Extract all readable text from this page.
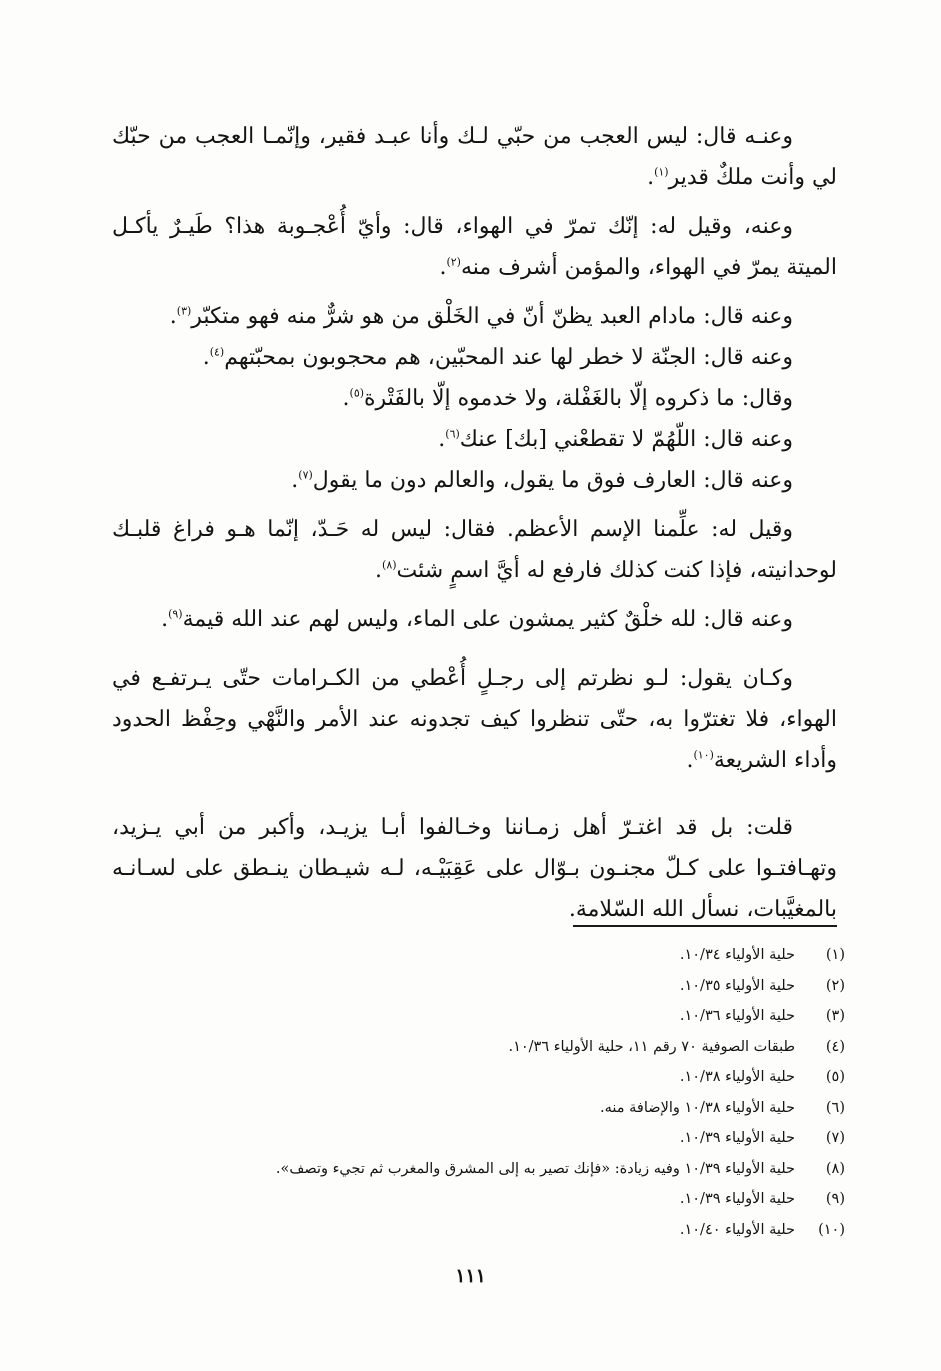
وعنـه قال: ليس العجب من حبّي لـك وأنا عبـد فقير، وإنّمـا العجب من حبّك لي وأنت ملكٌ قدير$^{(١)}$.

وعنه، وقيل له: إنّك تمرّ في الهواء، قال: وأيّ أُعْجـوبة هذا؟ طَيـرٌ يأكـل الميتة يمرّ في الهواء، والمؤمن أشرف منه$^{(٢)}$.

وعنه قال: مادام العبد يظنّ أنّ في الخَلْق من هو شرٌّ منه فهو متكبّر$^{(٣)}$.

وعنه قال: الجنّة لا خطر لها عند المحبّين، هم محجوبون بمحبّتهم$^{(٤)}$.

وقال: ما ذكروه إلّا بالغَفْلة، ولا خدموه إلّا بالفَتْرة$^{(٥)}$.

وعنه قال: اللّهُمّ لا تقطعْني [بك] عنك$^{(٦)}$.

وعنه قال: العارف فوق ما يقول، والعالم دون ما يقول$^{(٧)}$.

وقيل له: علِّمنا الإسم الأعظم. فقال: ليس له حَـدّ، إنّما هـو فراغ قلبـك لوحدانيته، فإذا كنت كذلك فارفع له أيَّ اسمٍ شئت$^{(٨)}$.

وعنه قال: لله خلْقٌ كثير يمشون على الماء، وليس لهم عند الله قيمة$^{(٩)}$.

وكـان يقول: لـو نظرتم إلى رجـلٍ أُعْطي من الكـرامات حتّى يـرتفـع في الهواء، فلا تغترّوا به، حتّى تنظروا كيف تجدونه عند الأمر والنَّهْي وحِفْظ الحدود وأداء الشريعة$^{(١٠)}$.

قلت: بل قد اغتـرّ أهل زمـاننا وخـالفوا أبـا يزيـد، وأكبر من أبي يـزيد، وتهـافتـوا على كـلّ مجنـون بـوّال على عَقِبَيْـه، لـه شيـطان ينـطق على لسـانـه بالمغيَّبات، نسأل الله السّلامة.

(١)
حلية الأولياء ١٠/٣٤.
(٢)
حلية الأولياء ١٠/٣٥.
(٣)
حلية الأولياء ١٠/٣٦.
(٤)
طبقات الصوفية ٧٠ رقم ١١، حلية الأولياء ١٠/٣٦.
(٥)
حلية الأولياء ١٠/٣٨.
(٦)
حلية الأولياء ١٠/٣٨ والإضافة منه.
(٧)
حلية الأولياء ١٠/٣٩.
(٨)
حلية الأولياء ١٠/٣٩ وفيه زيادة: «فإنك تصير به إلى المشرق والمغرب ثم تجيء وتصف».
(٩)
حلية الأولياء ١٠/٣٩.
(١٠)
حلية الأولياء ١٠/٤٠.
١١١
